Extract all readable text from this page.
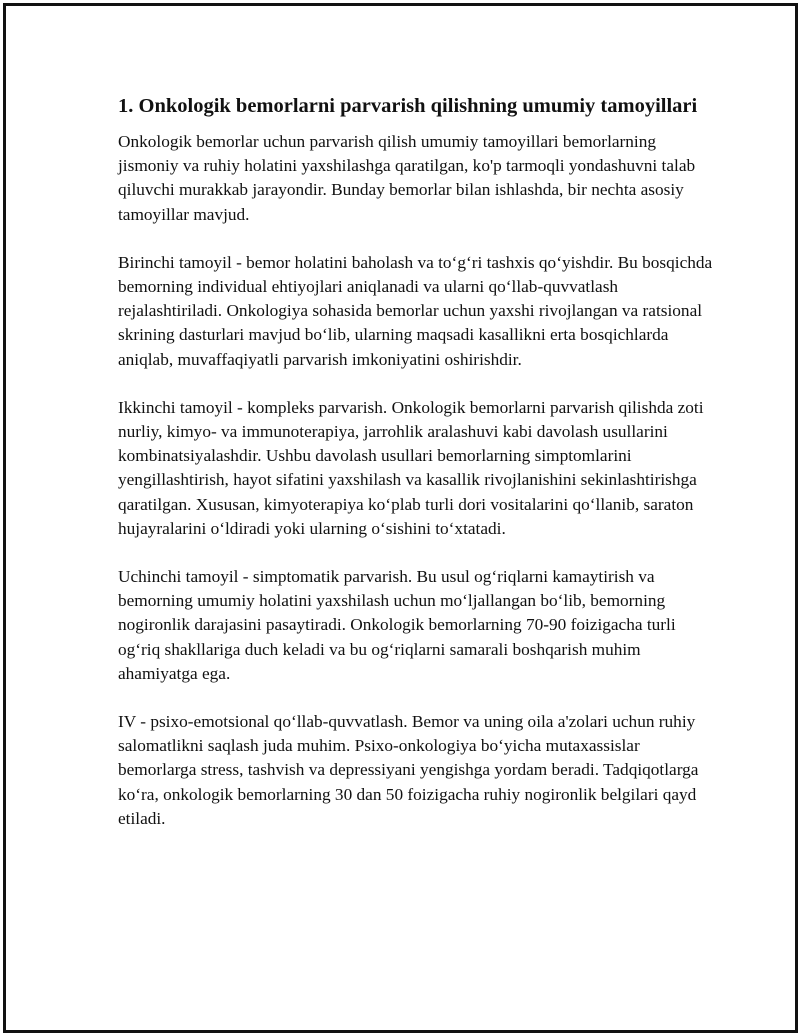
1. Onkologik bemorlarni parvarish qilishning umumiy tamoyillari

Onkologik bemorlar uchun parvarish qilish umumiy tamoyillari bemorlarning jismoniy va ruhiy holatini yaxshilashga qaratilgan, ko'p tarmoqli yondashuvni talab qiluvchi murakkab jarayondir. Bunday bemorlar bilan ishlashda, bir nechta asosiy tamoyillar mavjud.

Birinchi tamoyil - bemor holatini baholash va to‘g‘ri tashxis qo‘yishdir. Bu bosqichda bemorning individual ehtiyojlari aniqlanadi va ularni qo‘llab-quvvatlash rejalashtiriladi. Onkologiya sohasida bemorlar uchun yaxshi rivojlangan va ratsional skrining dasturlari mavjud bo‘lib, ularning maqsadi kasallikni erta bosqichlarda aniqlab, muvaffaqiyatli parvarish imkoniyatini oshirishdir.

Ikkinchi tamoyil - kompleks parvarish. Onkologik bemorlarni parvarish qilishda zoti nurliy, kimyo- va immunoterapiya, jarrohlik aralashuvi kabi davolash usullarini kombinatsiyalashdir. Ushbu davolash usullari bemorlarning simptomlarini yengillashtirish, hayot sifatini yaxshilash va kasallik rivojlanishini sekinlashtirishga qaratilgan. Xususan, kimyoterapiya ko‘plab turli dori vositalarini qo‘llanib, saraton hujayralarini o‘ldiradi yoki ularning o‘sishini to‘xtatadi.

Uchinchi tamoyil - simptomatik parvarish. Bu usul og‘riqlarni kamaytirish va bemorning umumiy holatini yaxshilash uchun mo‘ljallangan bo‘lib, bemorning nogironlik darajasini pasaytiradi. Onkologik bemorlarning 70-90 foizigacha turli og‘riq shakllariga duch keladi va bu og‘riqlarni samarali boshqarish muhim ahamiyatga ega.

IV - psixo-emotsional qo‘llab-quvvatlash. Bemor va uning oila a'zolari uchun ruhiy salomatlikni saqlash juda muhim. Psixo-onkologiya bo‘yicha mutaxassislar bemorlarga stress, tashvish va depressiyani yengishga yordam beradi. Tadqiqotlarga ko‘ra, onkologik bemorlarning 30 dan 50 foizigacha ruhiy nogironlik belgilari qayd etiladi.
